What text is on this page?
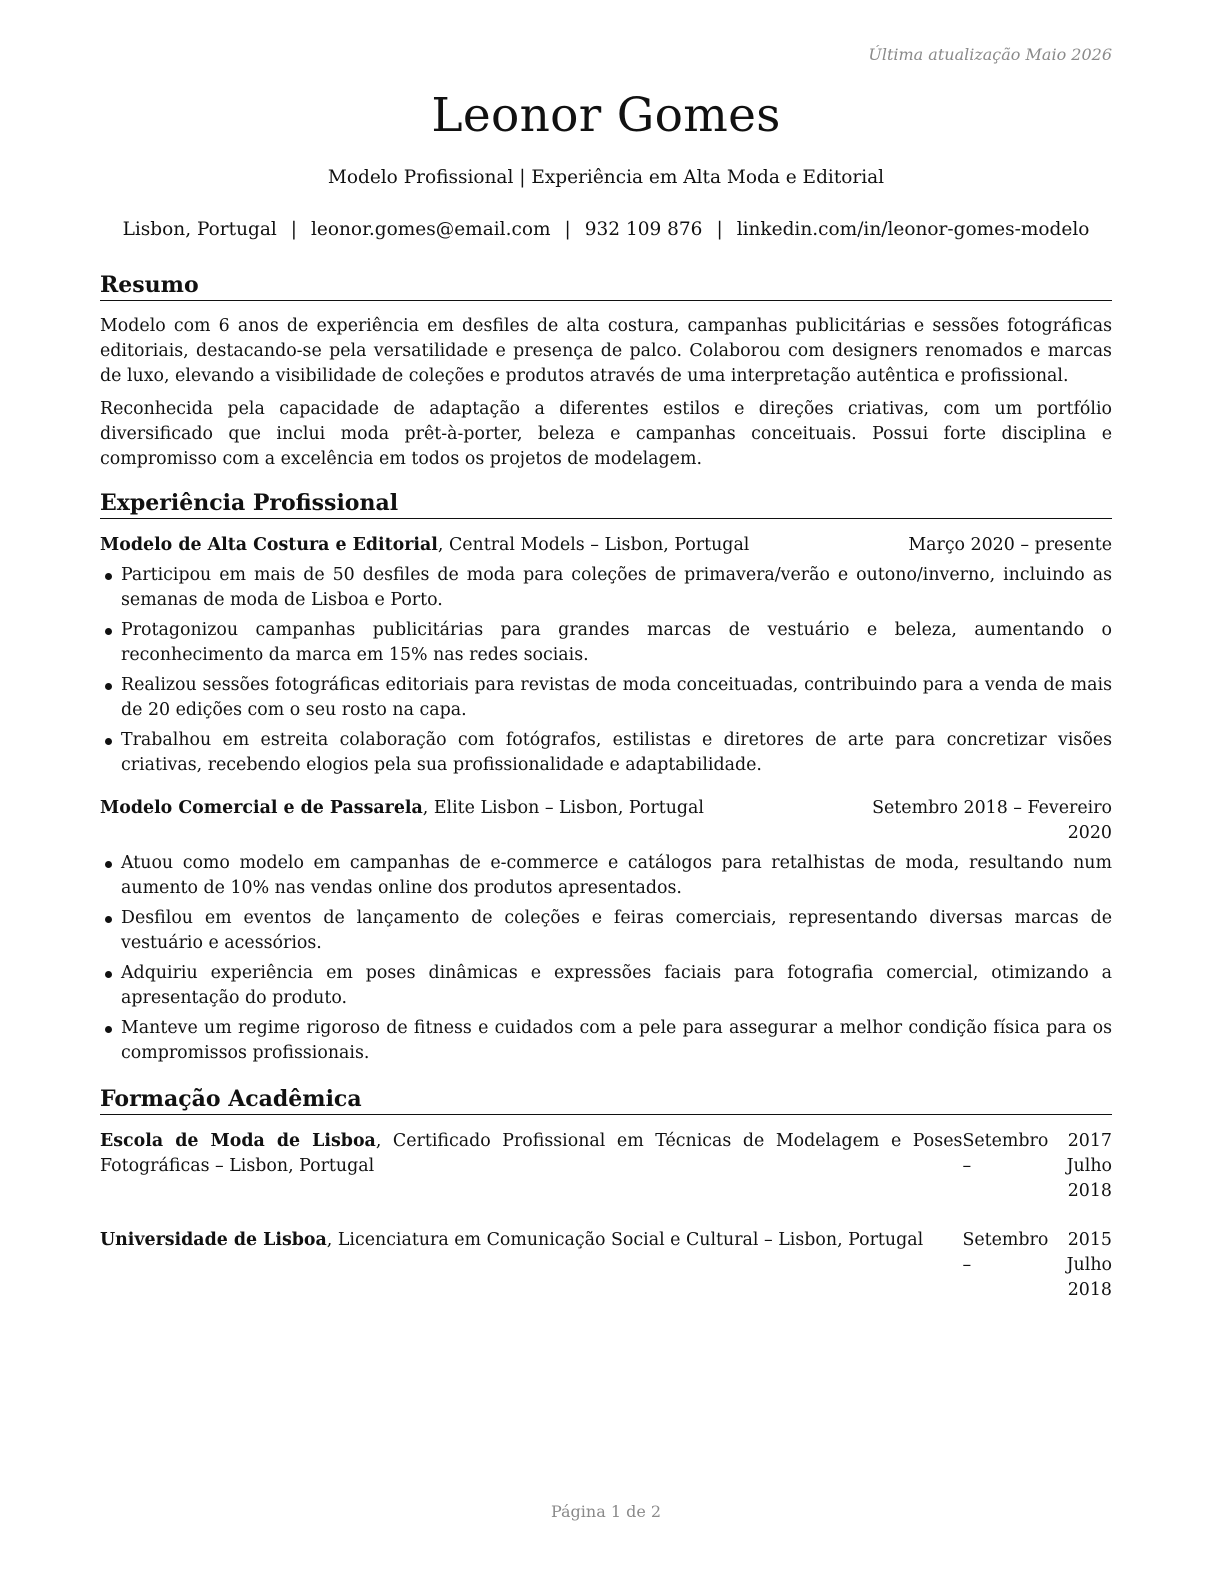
Última atualização Maio 2026
Leonor Gomes
Modelo Profissional | Experiência em Alta Moda e Editorial
Lisbon, Portugal | leonor.gomes@email.com | 932 109 876 | linkedin.com/in/leonor-gomes-modelo
Resumo

Modelo com 6 anos de experiência em desfiles de alta costura, campanhas publicitárias e sessões fotográficas editoriais, destacando-se pela versatilidade e presença de palco. Colaborou com designers renomados e marcas de luxo, elevando a visibilidade de coleções e produtos através de uma interpretação autêntica e profissional.

Reconhecida pela capacidade de adaptação a diferentes estilos e direções criativas, com um portfólio diversificado que inclui moda prêt-à-porter, beleza e campanhas conceituais. Possui forte disciplina e compromisso com a excelência em todos os projetos de modelagem.

Experiência Profissional
Modelo de Alta Costura e Editorial, Central Models – Lisbon, Portugal	Março 2020 – presente
Participou em mais de 50 desfiles de moda para coleções de primavera/verão e outono/inverno, incluindo as semanas de moda de Lisboa e Porto.
Protagonizou campanhas publicitárias para grandes marcas de vestuário e beleza, aumentando o reconhecimento da marca em 15% nas redes sociais.
Realizou sessões fotográficas editoriais para revistas de moda conceituadas, contribuindo para a venda de mais de 20 edições com o seu rosto na capa.
Trabalhou em estreita colaboração com fotógrafos, estilistas e diretores de arte para concretizar visões criativas, recebendo elogios pela sua profissionalidade e adaptabilidade.
Modelo Comercial e de Passarela, Elite Lisbon – Lisbon, Portugal	Setembro 2018 – Fevereiro
2020
Atuou como modelo em campanhas de e-commerce e catálogos para retalhistas de moda, resultando num aumento de 10% nas vendas online dos produtos apresentados.
Desfilou em eventos de lançamento de coleções e feiras comerciais, representando diversas marcas de vestuário e acessórios.
Adquiriu experiência em poses dinâmicas e expressões faciais para fotografia comercial, otimizando a apresentação do produto.
Manteve um regime rigoroso de fitness e cuidados com a pele para assegurar a melhor condição física para os compromissos profissionais.
Formação Acadêmica
Escola de Moda de Lisboa, Certificado Profissional em Técnicas de Modelagem e Poses Fotográficas – Lisbon, Portugal
Setembro 2017 – Julho
2018
Universidade de Lisboa, Licenciatura em Comunicação Social e Cultural – Lisbon, Portugal	Setembro 2015 – Julho
2018
Página 1 de 2
